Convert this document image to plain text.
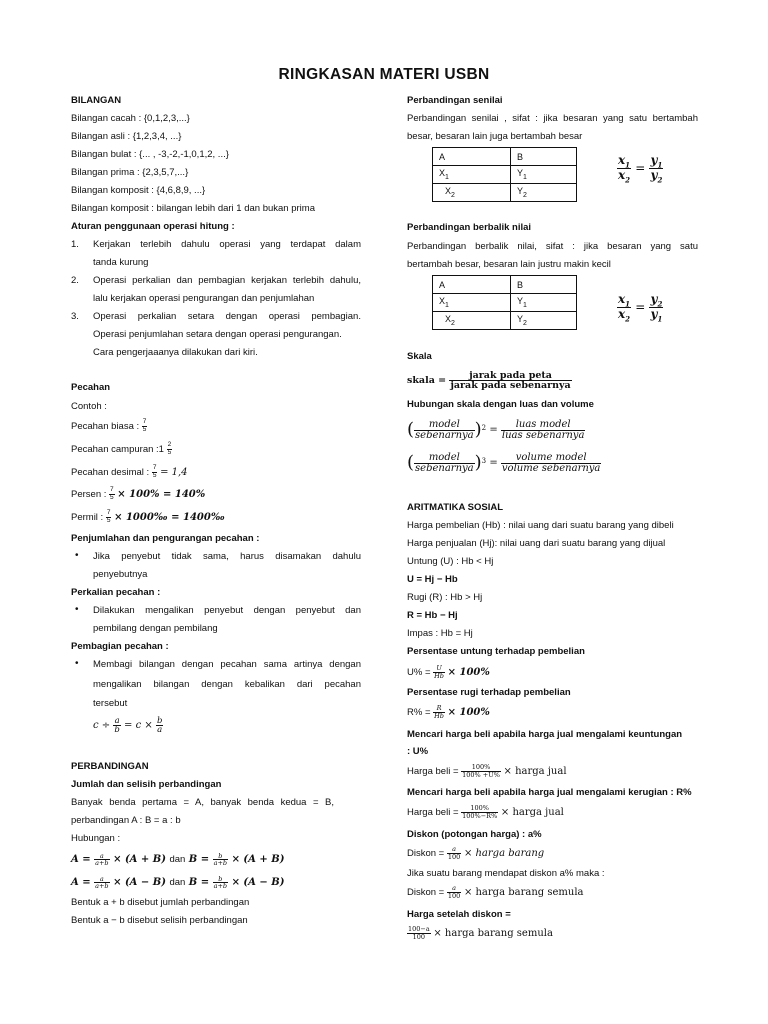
RINGKASAN MATERI USBN
BILANGAN
Bilangan cacah : {0,1,2,3,...}
Bilangan asli : {1,2,3,4, ...}
Bilangan bulat : {... , -3,-2,-1,0,1,2, ...}
Bilangan prima : {2,3,5,7,...}
Bilangan komposit : {4,6,8,9, ...}
Bilangan komposit : bilangan lebih dari 1 dan bukan prima
Aturan penggunaan operasi hitung :
1. Kerjakan terlebih dahulu operasi yang terdapat dalam
tanda kurung
2. Operasi perkalian dan pembagian kerjakan terlebih dahulu,
lalu kerjakan operasi pengurangan dan penjumlahan
3. Operasi perkalian setara dengan operasi pembagian.
Operasi penjumlahan setara dengan operasi pengurangan.
Cara pengerjaaanya dilakukan dari kiri.
Pecahan
Contoh :
Pecahan biasa : $\frac{7}{5}$
Pecahan campuran :1 $\frac{2}{5}$
Pecahan desimal : $\frac{7}{5} = 1,4$
Persen : $\frac{7}{5} \times 100\% = 140\%$
Permil : $\frac{7}{5}$ × 1000‰ = 1400‰
Penjumlahan dan pengurangan pecahan :
• Jika penyebut tidak sama, harus disamakan dahulu
penyebutnya
Perkalian pecahan :
• Dilakukan mengalikan penyebut dengan penyebut dan
pembilang dengan pembilang
Pembagian pecahan :
• Membagi bilangan dengan pecahan sama artinya dengan
mengalikan bilangan dengan kebalikan dari pecahan
tersebut
$c \div \frac{a}{b} = c \times \frac{b}{a}$
PERBANDINGAN
Jumlah dan selisih perbandingan
Banyak benda pertama = A, banyak benda kedua = B,
perbandingan A : B = a : b
Hubungan :
$A = \frac{a}{a+b} \times (A + B)$ dan $B = \frac{b}{a+b} \times (A + B)$
$A = \frac{a}{a+b} \times (A - B)$ dan $B = \frac{b}{a+b} \times (A - B)$
Bentuk a + b disebut jumlah perbandingan
Bentuk a − b disebut selisih perbandingan
Perbandingan senilai
Perbandingan senilai , sifat : jika besaran yang satu bertambah
besar, besaran lain juga bertambah besar
A	B
$X_1$	$Y_1$
$X_2$	$Y_2$
$\frac{x_1}{x_2} = \frac{y_1}{y_2}$
Perbandingan berbalik nilai
Perbandingan berbalik nilai, sifat : jika besaran yang satu
bertambah besar, besaran lain justru makin kecil
A	B
$X_1$	$Y_1$
$X_2$	$Y_2$
$\frac{x_1}{x_2} = \frac{y_2}{y_1}$
Skala
skala = $\frac{\text{jarak pada peta}}{\text{jarak pada sebenarnya}}$
Hubungan skala dengan luas dan volume
( $\frac{\text{model}}{\text{sebenarnya}} )^2 = \frac{\text{luas model}}{\text{luas sebenarnya}}$
( $\frac{\text{model}}{\text{sebenarnya}} )^3 = \frac{\text{volume model}}{\text{volume sebenarnya}}$
ARITMATIKA SOSIAL
Harga pembelian (Hb) : nilai uang dari suatu barang yang dibeli
Harga penjualan (Hj): nilai uang dari suatu barang yang dijual
Untung (U) : Hb < Hj
U = Hj − Hb
Rugi (R) : Hb > Hj
R = Hb − Hj
Impas : Hb = Hj
Persentase untung terhadap pembelian
$U\% = \frac{U}{Hb} \times 100\%$
Persentase rugi terhadap pembelian
$R\% = \frac{R}{Hb} \times 100\%$
Mencari harga beli apabila harga jual mengalami keuntungan
: U%
Harga beli = $\frac{100\%}{100\% +U\%}$ × harga jual
Mencari harga beli apabila harga jual mengalami kerugian : R%
Harga beli = $\frac{100\%}{100\%-R\%}$ × harga jual
Diskon (potongan harga) : a%
Diskon = $\frac{a}{100}$ × harga barang
Jika suatu barang mendapat diskon a% maka :
Diskon = $\frac{a}{100}$ × harga barang semula
Harga setelah diskon =
$\frac{100-a}{100}$ × harga barang semula
